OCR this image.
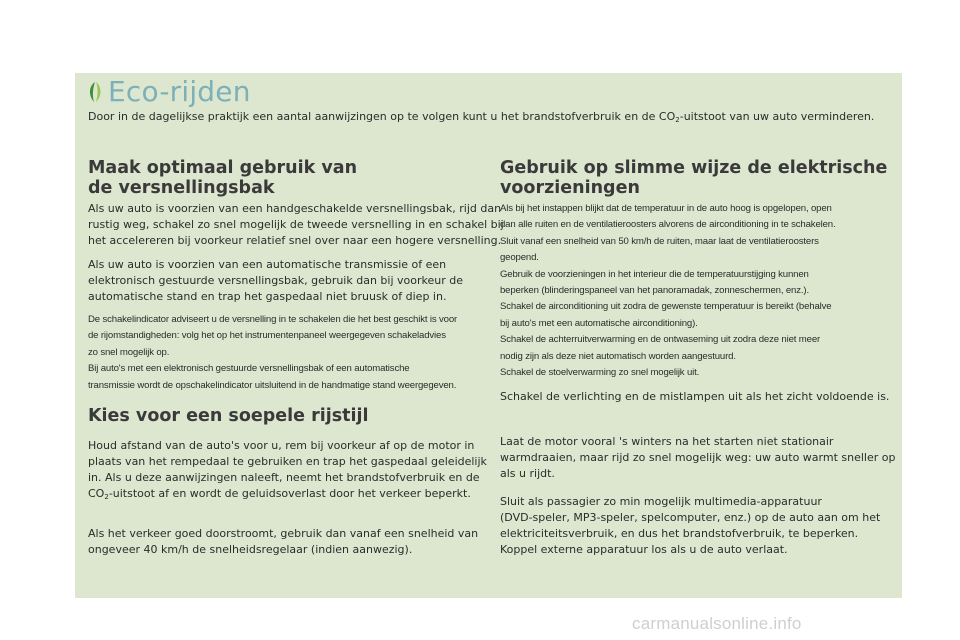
Eco-rijden

Door in de dagelijkse praktijk een aantal aanwijzingen op te volgen kunt u het brandstofverbruik en de $CO_2$-uitstoot van uw auto verminderen.

Maak optimaal gebruik van
de versnellingsbak
Als uw auto is voorzien van een handgeschakelde versnellingsbak, rijd dan
rustig weg, schakel zo snel mogelijk de tweede versnelling in en schakel bij
het accelereren bij voorkeur relatief snel over naar een hogere versnelling.
Als uw auto is voorzien van een automatische transmissie of een
elektronisch gestuurde versnellingsbak, gebruik dan bij voorkeur de
automatische stand en trap het gaspedaal niet bruusk of diep in.
De schakelindicator adviseert u de versnelling in te schakelen die het best geschikt is voor
de rijomstandigheden: volg het op het instrumentenpaneel weergegeven schakeladvies
zo snel mogelijk op.
Bij auto's met een elektronisch gestuurde versnellingsbak of een automatische
transmissie wordt de opschakelindicator uitsluitend in de handmatige stand weergegeven.
Kies voor een soepele rijstijl
Houd afstand van de auto's voor u, rem bij voorkeur af op de motor in
plaats van het rempedaal te gebruiken en trap het gaspedaal geleidelijk
in. Als u deze aanwijzingen naleeft, neemt het brandstofverbruik en de
$CO_2$-uitstoot af en wordt de geluidsoverlast door het verkeer beperkt.
Als het verkeer goed doorstroomt, gebruik dan vanaf een snelheid van
ongeveer 40 km/h de snelheidsregelaar (indien aanwezig).
Gebruik op slimme wijze de elektrische
voorzieningen
Als bij het instappen blijkt dat de temperatuur in de auto hoog is opgelopen, open
dan alle ruiten en de ventilatieroosters alvorens de airconditioning in te schakelen.
Sluit vanaf een snelheid van 50 km/h de ruiten, maar laat de ventilatieroosters
geopend.
Gebruik de voorzieningen in het interieur die de temperatuurstijging kunnen
beperken (blinderingspaneel van het panoramadak, zonneschermen, enz.).
Schakel de airconditioning uit zodra de gewenste temperatuur is bereikt (behalve
bij auto's met een automatische airconditioning).
Schakel de achterruitverwarming en de ontwaseming uit zodra deze niet meer
nodig zijn als deze niet automatisch worden aangestuurd.
Schakel de stoelverwarming zo snel mogelijk uit.
Schakel de verlichting en de mistlampen uit als het zicht voldoende is.
Laat de motor vooral 's winters na het starten niet stationair
warmdraaien, maar rijd zo snel mogelijk weg: uw auto warmt sneller op
als u rijdt.
Sluit als passagier zo min mogelijk multimedia-apparatuur
(DVD-speler, MP3-speler, spelcomputer, enz.) op de auto aan om het
elektriciteitsverbruik, en dus het brandstofverbruik, te beperken.
Koppel externe apparatuur los als u de auto verlaat.
carmanualsonline.info
